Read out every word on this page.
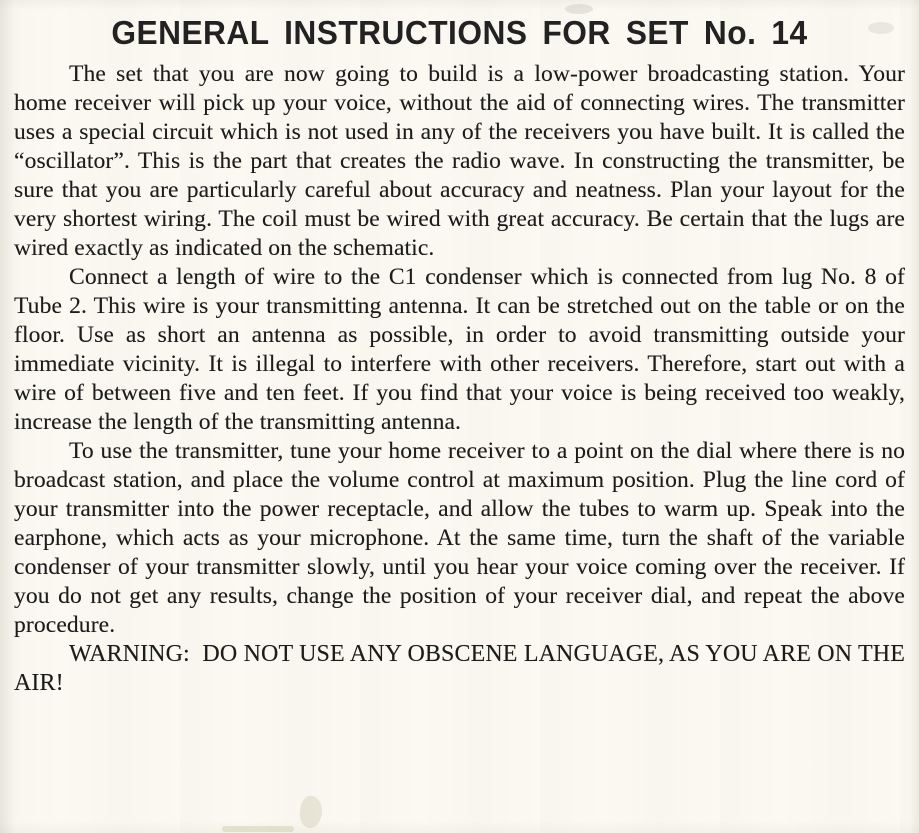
GENERAL INSTRUCTIONS FOR SET No. 14

The set that you are now going to build is a low-power broadcasting station. Your home receiver will pick up your voice, without the aid of connecting wires. The transmitter uses a special circuit which is not used in any of the receivers you have built. It is called the “oscillator”. This is the part that creates the radio wave. In constructing the transmitter, be sure that you are particularly careful about accuracy and neatness. Plan your layout for the very shortest wiring. The coil must be wired with great accuracy. Be certain that the lugs are wired exactly as indicated on the schematic.

Connect a length of wire to the C1 condenser which is connected from lug No. 8 of Tube 2. This wire is your transmitting antenna. It can be stretched out on the table or on the floor. Use as short an antenna as possible, in order to avoid transmitting outside your immediate vicinity. It is illegal to interfere with other receivers. Therefore, start out with a wire of between five and ten feet. If you find that your voice is being received too weakly, increase the length of the transmitting antenna.

To use the transmitter, tune your home receiver to a point on the dial where there is no broadcast station, and place the volume control at maximum position. Plug the line cord of your transmitter into the power receptacle, and allow the tubes to warm up. Speak into the earphone, which acts as your microphone. At the same time, turn the shaft of the variable condenser of your transmitter slowly, until you hear your voice coming over the receiver. If you do not get any results, change the position of your receiver dial, and repeat the above procedure.

WARNING:  DO NOT USE ANY OBSCENE LANGUAGE, AS YOU ARE ON THE AIR!
